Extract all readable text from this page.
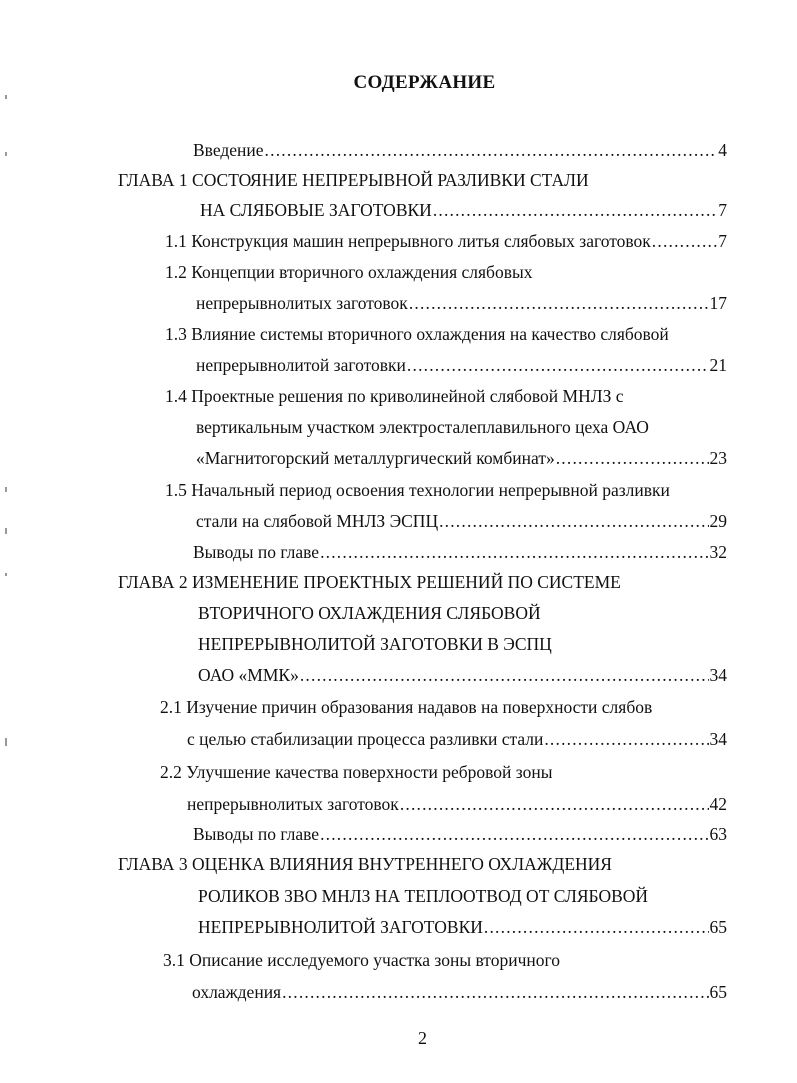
СОДЕРЖАНИЕ
Введение .....	4
ГЛАВА 1 СОСТОЯНИЕ НЕПРЕРЫВНОЙ РАЗЛИВКИ СТАЛИ
НА СЛЯБОВЫЕ ЗАГОТОВКИ .....	7
1.1 Конструкция машин непрерывного литья слябовых заготовок .....	7
1.2 Концепции вторичного охлаждения слябовых
непрерывнолитых заготовок .....	17
1.3 Влияние системы вторичного охлаждения на качество слябовой
непрерывнолитой заготовки .....	21
1.4 Проектные решения по криволинейной слябовой МНЛЗ с
вертикальным участком электросталеплавильного цеха ОАО
«Магнитогорский металлургический комбинат» .....	23
1.5 Начальный период освоения технологии непрерывной разливки
стали на слябовой МНЛЗ ЭСПЦ .....	29
Выводы по главе .....	32
ГЛАВА 2 ИЗМЕНЕНИЕ ПРОЕКТНЫХ РЕШЕНИЙ ПО СИСТЕМЕ
ВТОРИЧНОГО ОХЛАЖДЕНИЯ СЛЯБОВОЙ
НЕПРЕРЫВНОЛИТОЙ ЗАГОТОВКИ В ЭСПЦ
ОАО «ММК» .....	34
2.1 Изучение причин образования надавов на поверхности слябов
с целью стабилизации процесса разливки стали .....	34
2.2 Улучшение качества поверхности ребровой зоны
непрерывнолитых заготовок .....	42
Выводы по главе .....	63
ГЛАВА 3 ОЦЕНКА ВЛИЯНИЯ ВНУТРЕННЕГО ОХЛАЖДЕНИЯ
РОЛИКОВ ЗВО МНЛЗ НА ТЕПЛООТВОД ОТ СЛЯБОВОЙ
НЕПРЕРЫВНОЛИТОЙ ЗАГОТОВКИ .....	65
3.1 Описание исследуемого участка зоны вторичного
охлаждения .....	65
2
